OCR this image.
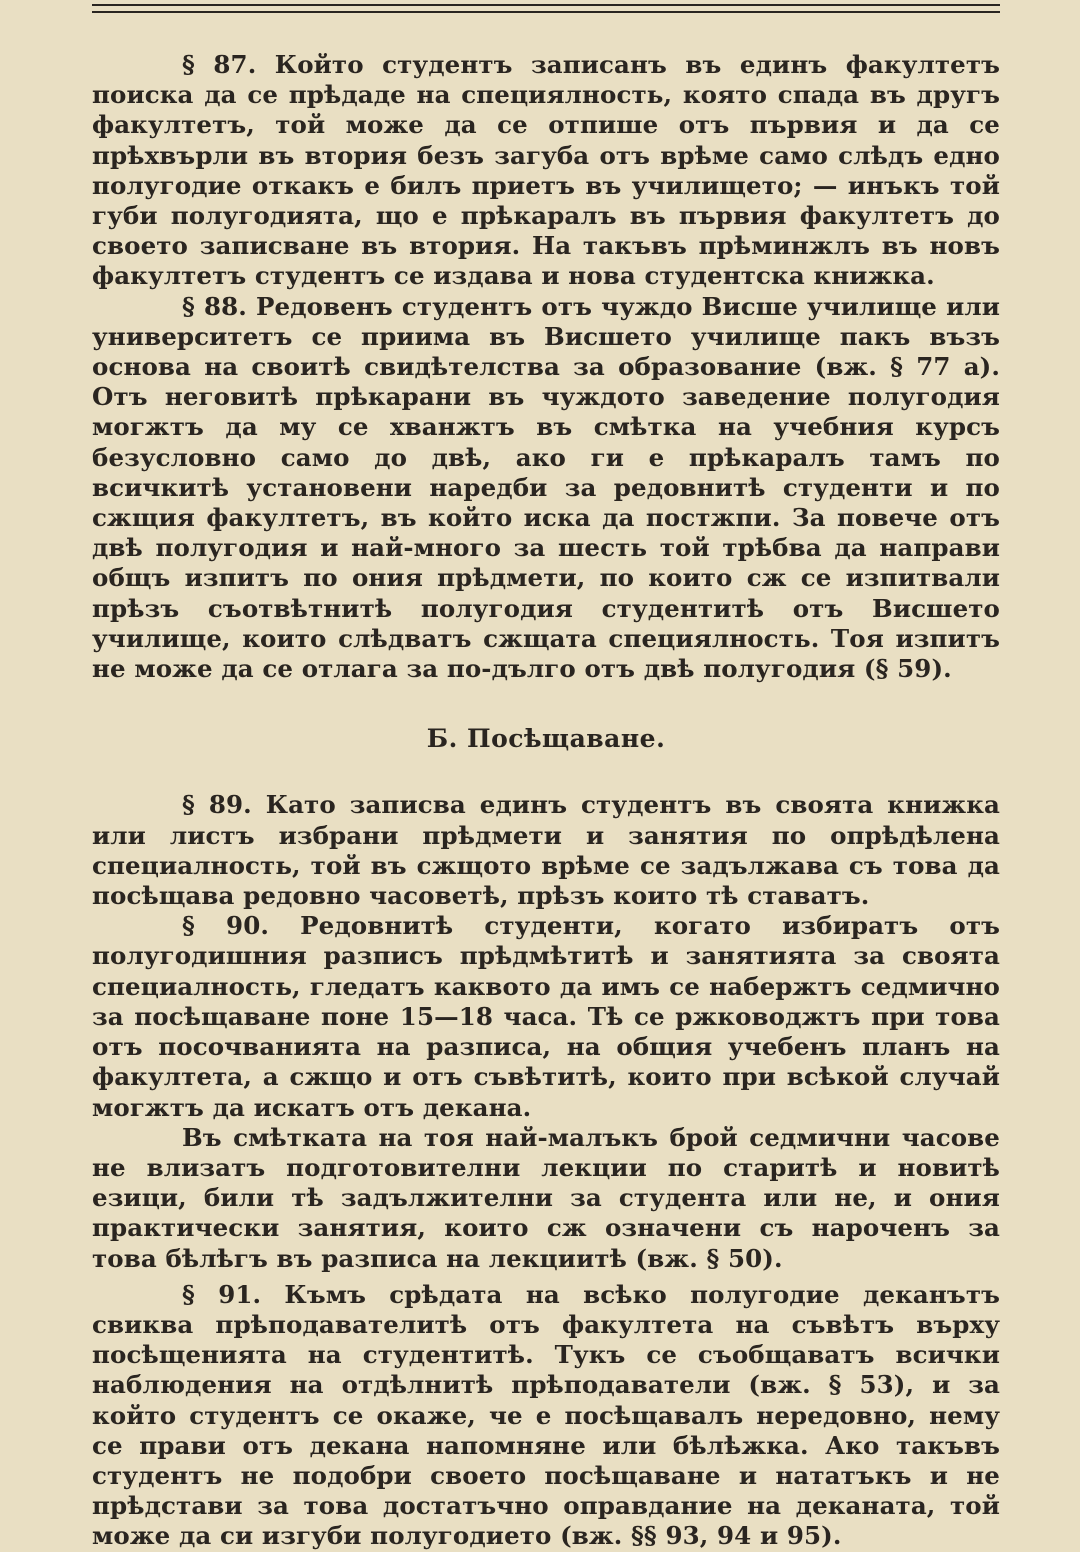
§ 87. Който студентъ записанъ въ единъ факултетъ поиска да се прѣдаде на специялность, която спада въ другъ факултетъ, той може да се отпише отъ първия и да се прѣхвърли въ втория безъ загуба отъ врѣме само слѣдъ едно полугодие откакъ е билъ приетъ въ училището; — инъкъ той губи полугодията, що е прѣкаралъ въ първия факултетъ до своето записване въ втория. На такъвъ прѣминжлъ въ новъ факултетъ студентъ се издава и нова студентска книжка.

§ 88. Редовенъ студентъ отъ чуждо Висше училище или университетъ се приима въ Висшето училище пакъ възъ основа на своитѣ свидѣтелства за образование (вж. § 77 а). Отъ неговитѣ прѣкарани въ чуждото заведение полугодия могжтъ да му се хванжтъ въ смѣтка на учебния курсъ безусловно само до двѣ, ако ги е прѣкаралъ тамъ по всичкитѣ установени наредби за редовнитѣ студенти и по сжщия факултетъ, въ който иска да постжпи. За повече отъ двѣ полугодия и най-много за шесть той трѣбва да направи общъ изпитъ по ония прѣдмети, по които сж се изпитвали прѣзъ съотвѣтнитѣ полугодия студентитѣ отъ Висшето училище, които слѣдватъ сжщата специялность. Тоя изпитъ не може да се отлага за по-дълго отъ двѣ полугодия (§ 59).

Б. Посѣщаване.

§ 89. Като записва единъ студентъ въ своята книжка или листъ избрани прѣдмети и занятия по опрѣдѣлена специалность, той въ сжщото врѣме се задължава съ това да посѣщава редовно часоветѣ, прѣзъ които тѣ ставатъ.

§ 90. Редовнитѣ студенти, когато избиратъ отъ полугодишния разписъ прѣдмѣтитѣ и занятията за своята специалность, гледатъ каквото да имъ се набержтъ седмично за посѣщаване поне 15—18 часа. Тѣ се ржководжтъ при това отъ посочванията на разписа, на общия учебенъ планъ на факултета, а сжщо и отъ съвѣтитѣ, които при всѣкой случай могжтъ да искатъ отъ декана.

Въ смѣтката на тоя най-малъкъ брой седмични часове не влизатъ подготовителни лекции по старитѣ и новитѣ езици, били тѣ задължителни за студента или не, и ония практически занятия, които сж означени съ нароченъ за това бѣлѣгъ въ разписа на лекциитѣ (вж. § 50).

§ 91. Къмъ срѣдата на всѣко полугодие деканътъ свиква прѣподавателитѣ отъ факултета на съвѣтъ върху посѣщенията на студентитѣ. Тукъ се съобщаватъ всички наблюдения на отдѣлнитѣ прѣподаватели (вж. § 53), и за който студентъ се окаже, че е посѣщавалъ нередовно, нему се прави отъ декана напомняне или бѣлѣжка. Ако такъвъ студентъ не подобри своето посѣщаване и нататъкъ и не прѣдстави за това достатъчно оправдание на деканата, той може да си изгуби полугодието (вж. §§ 93, 94 и 95).
